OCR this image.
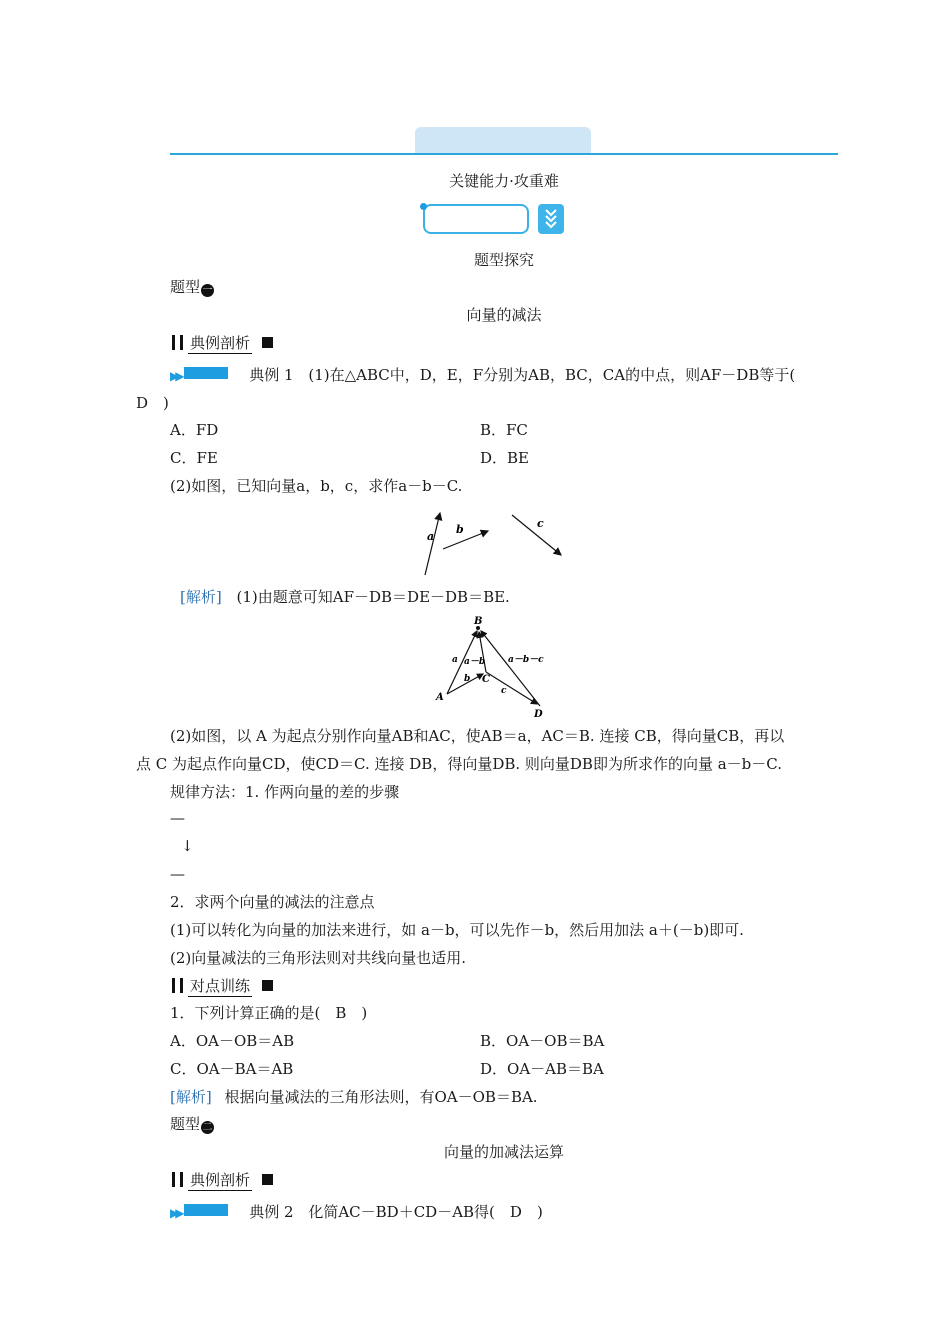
关键能力·攻重难
题型探究
题型 一
向量的减法
典例剖析
▶▶	典例 1 (1)在△ABC中，D，E，F分别为AB，BC，CA的中点，则AF－DB等于(
D　)
A．FD	B．FC
C．FE	D．BE
(2)如图，已知向量a，b，c，求作a－b－C.
a
b	c
[解析] (1)由题意可知AF－DB＝DE－DB＝BE.
B
A
C
D
a a－b
b
a－b－c
c
(2)如图，以 A 为起点分别作向量AB和AC，使AB＝a，AC＝B. 连接 CB，得向量CB，再以
点 C 为起点作向量CD，使CD＝C. 连接 DB，得向量DB. 则向量DB即为所求作的向量 a－b－C.
规律方法：1. 作两向量的差的步骤
—
↓
—
2．求两个向量的减法的注意点
(1)可以转化为向量的加法来进行，如 a－b，可以先作－b，然后用加法 a＋(－b)即可.
(2)向量减法的三角形法则对共线向量也适用.
对点训练
1．下列计算正确的是(　B　)
A．OA－OB＝AB	B．OA－OB＝BA
C．OA－BA＝AB	D．OA－AB＝BA
[解析] 根据向量减法的三角形法则，有OA－OB＝BA.
题型 二
向量的加减法运算
典例剖析
▶▶	典例 2 化简AC－BD＋CD－AB得(　D　)
